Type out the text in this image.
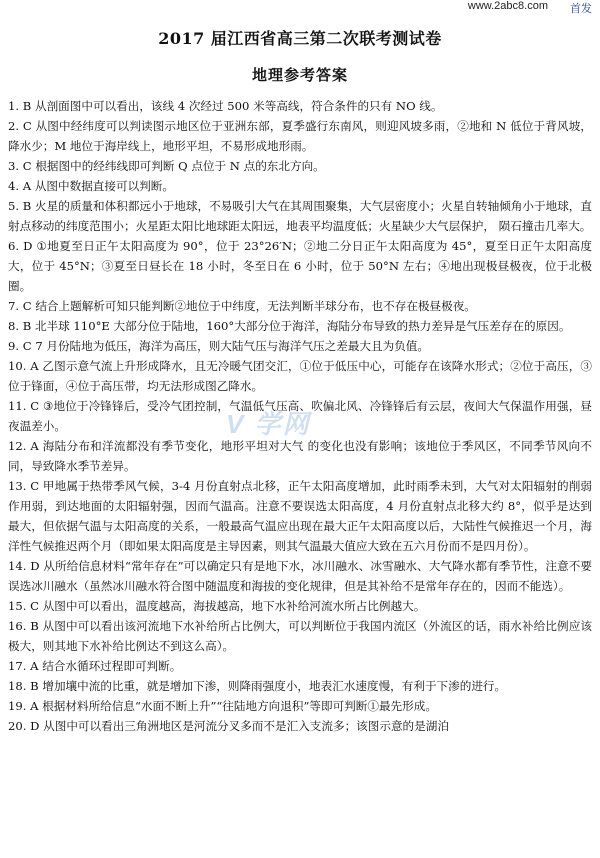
www.2abc8.com 首发
2017 届江西省高三第二次联考测试卷
地理参考答案
V 学网

1. B 从剖面图中可以看出，该线 4 次经过 500 米等高线，符合条件的只有 NO 线。

2. C 从图中经纬度可以判读图示地区位于亚洲东部，夏季盛行东南风，则迎风坡多雨，②地和 N 低位于背风坡，降水少；M 地位于海岸线上，地形平坦，不易形成地形雨。

3. C 根据图中的经纬线即可判断 Q 点位于 N 点的东北方向。

4. A 从图中数据直接可以判断。

5. B 火星的质量和体积都远小于地球，不易吸引大气在其周围聚集，大气层密度小；火星自转轴倾角小于地球，直射点移动的纬度范围小；火星距太阳比地球距太阳远，地表平均温度低；火星缺少大气层保护， 陨石撞击几率大。

6. D ①地夏至日正午太阳高度为 90°，位于 23°26′N；②地二分日正午太阳高度为 45°，夏至日正午太阳高度大，位于 45°N；③夏至日昼长在 18 小时，冬至日在 6 小时，位于 50°N 左右；④地出现极昼极夜，位于北极圈。

7. C 结合上题解析可知只能判断②地位于中纬度，无法判断半球分布，也不存在极昼极夜。

8. B 北半球 110°E 大部分位于陆地，160°大部分位于海洋，海陆分布导致的热力差异是气压差存在的原因。

9. C 7 月份陆地为低压，海洋为高压，则大陆气压与海洋气压之差最大且为负值。

10. A 乙图示意气流上升形成降水，且无冷暖气团交汇，①位于低压中心，可能存在该降水形式；②位于高压，③位于锋面，④位于高压带，均无法形成图乙降水。

11. C ③地位于冷锋锋后，受冷气团控制，气温低气压高、吹偏北风、冷锋锋后有云层，夜间大气保温作用强，昼夜温差小。

12. A 海陆分布和洋流都没有季节变化，地形平坦对大气 的变化也没有影响；该地位于季风区，不同季节风向不同，导致降水季节差异。

13. C 甲地属于热带季风气候，3-4 月份直射点北移，正午太阳高度增加，此时雨季未到，大气对太阳辐射的削弱作用弱，到达地面的太阳辐射强，因而气温高。注意不要误选太阳高度，4 月份直射点北移大约 8°，似乎是达到最大，但依据气温与太阳高度的关系，一般最高气温应出现在最大正午太阳高度以后，大陆性气候推迟一个月，海洋性气候推迟两个月（即如果太阳高度是主导因素，则其气温最大值应大致在五六月份而不是四月份）。

14. D 从所给信息材料“常年存在”可以确定只有是地下水，冰川融水、冰雪融水、大气降水都有季节性，注意不要误选冰川融水（虽然冰川融水符合图中随温度和海拔的变化规律，但是其补给不是常年存在的，因而不能选）。

15. C 从图中可以看出，温度越高，海拔越高，地下水补给河流水所占比例越大。

16. B 从图中可以看出该河流地下水补给所占比例大，可以判断位于我国内流区（外流区的话，雨水补给比例应该极大，则其地下水补给比例达不到这么高）。

17. A 结合水循环过程即可判断。

18. B 增加壤中流的比重，就是增加下渗，则降雨强度小，地表汇水速度慢，有利于下渗的进行。

19. A 根据材料所给信息“水面不断上升”“往陆地方向退积”等即可判断①最先形成。

20. D 从图中可以看出三角洲地区是河流分叉多而不是汇入支流多；该图示意的是湖泊
